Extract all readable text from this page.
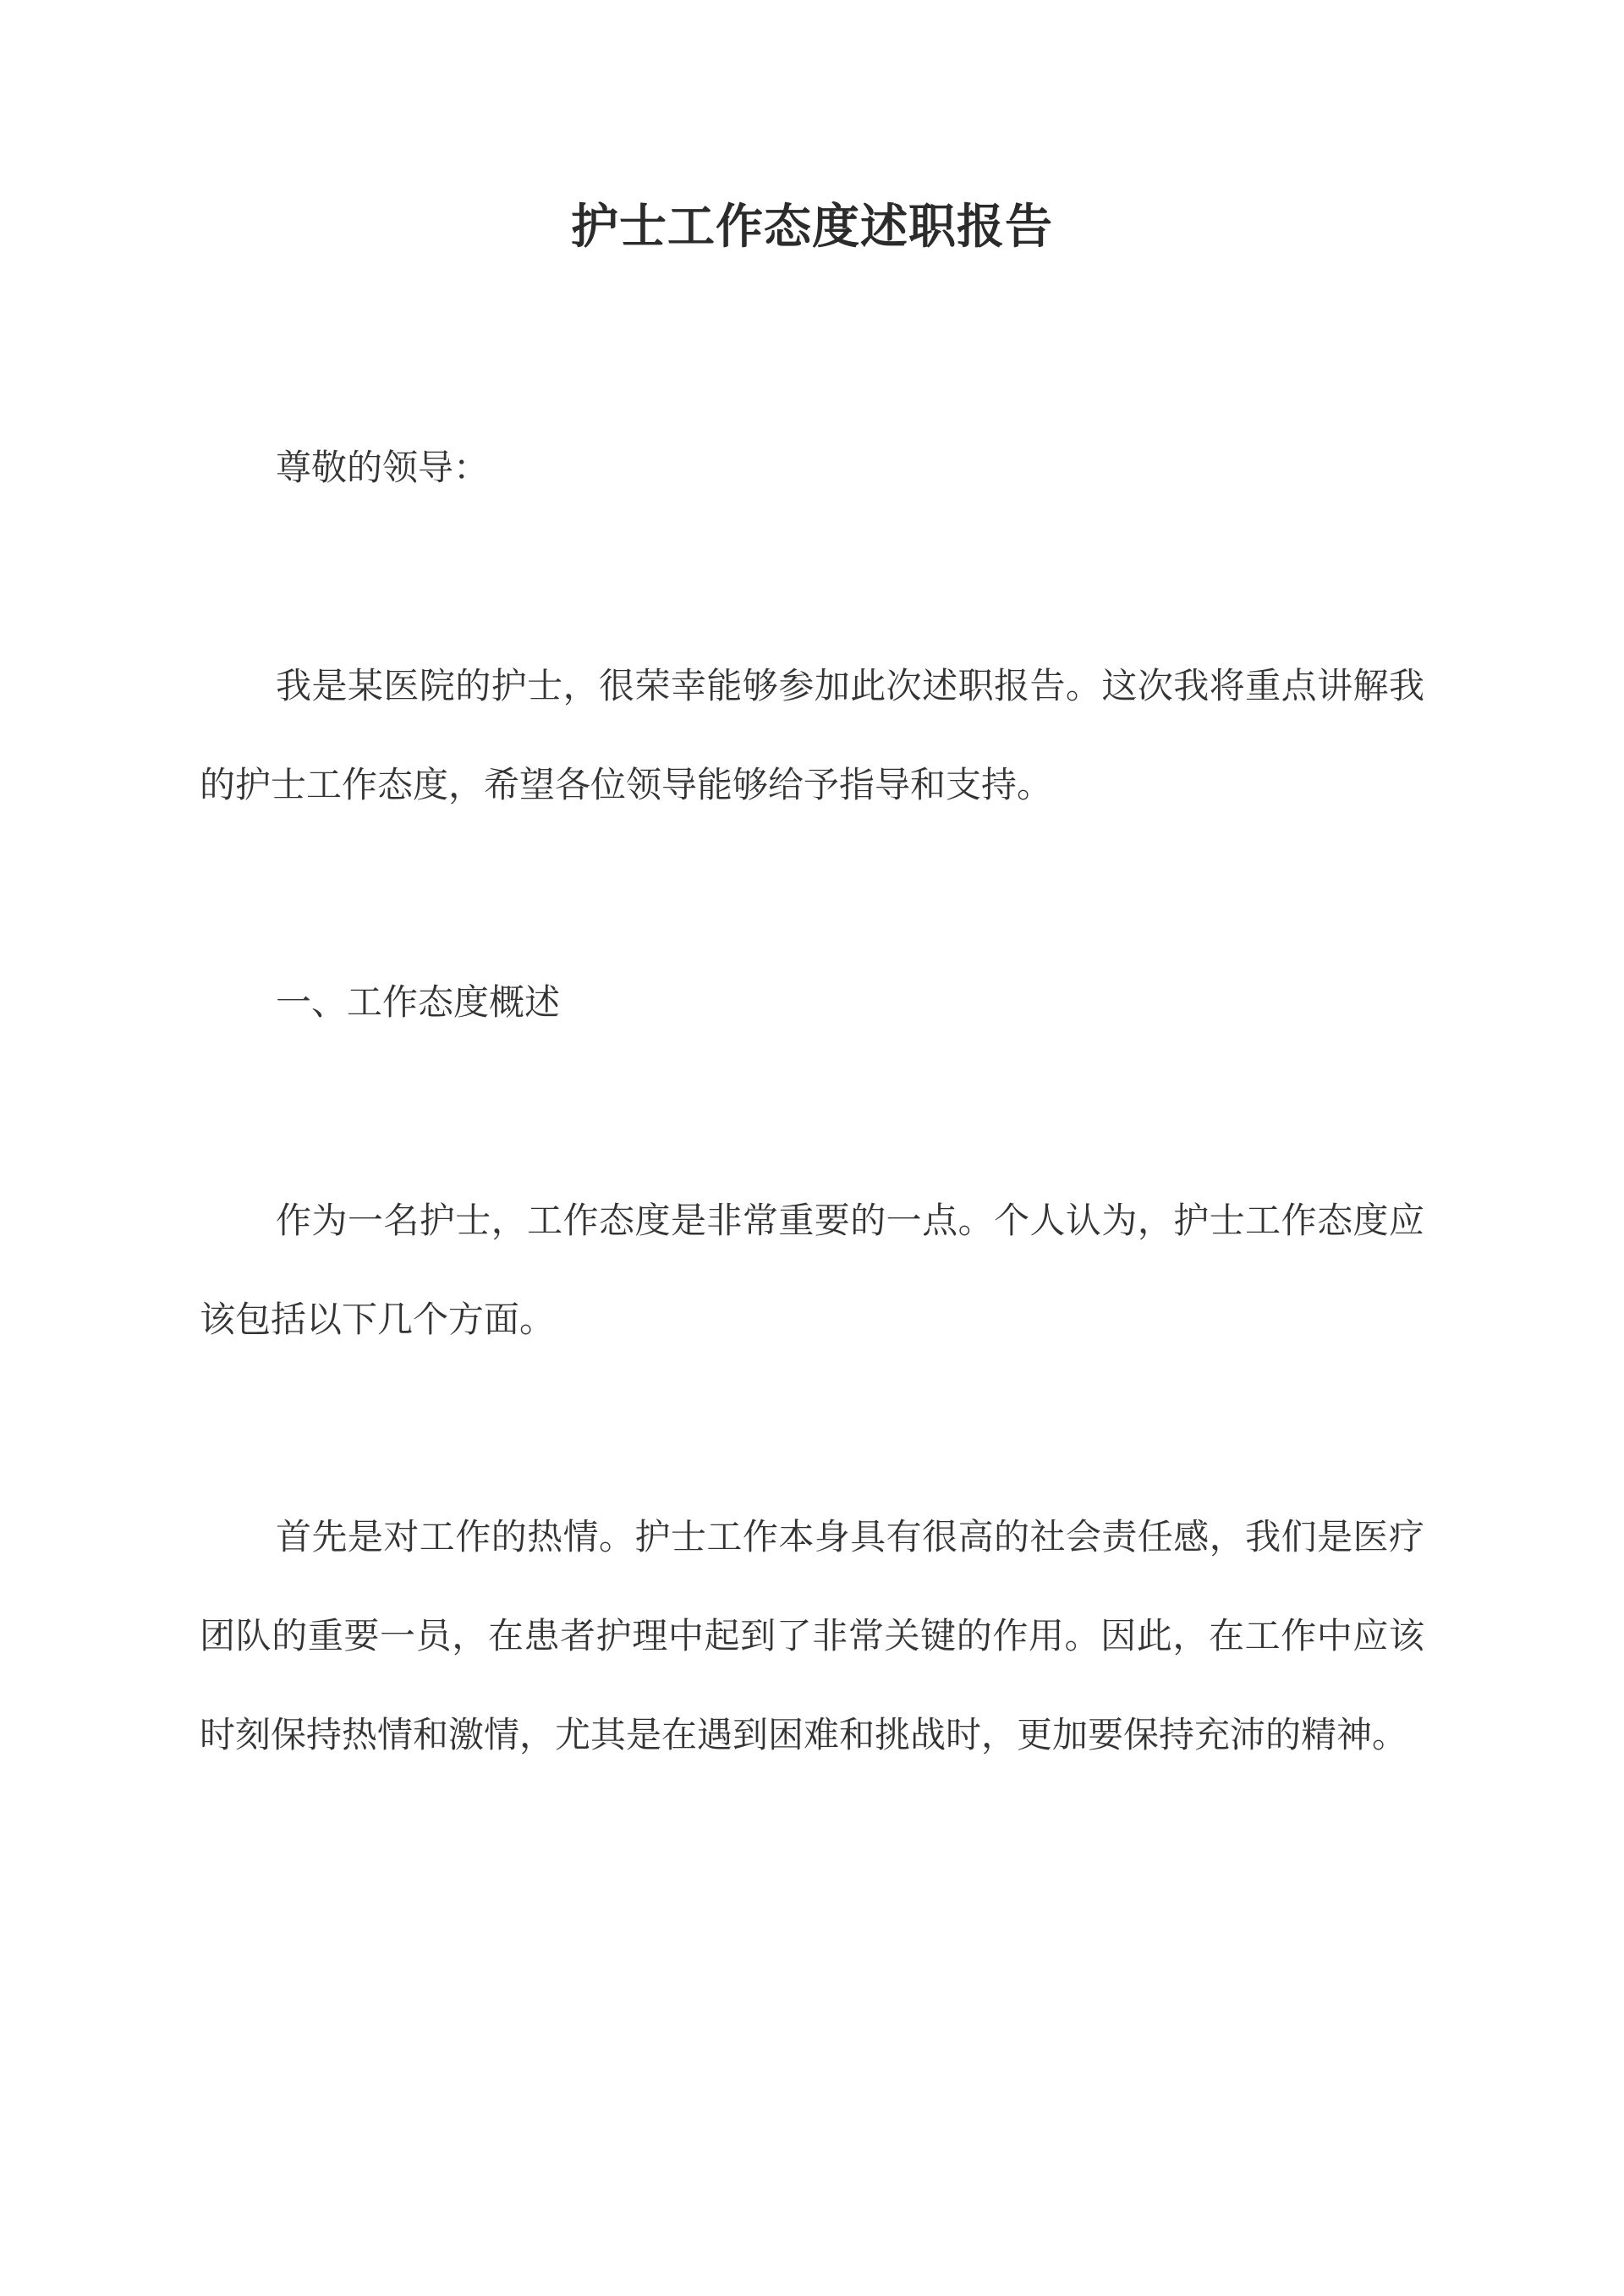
护士工作态度述职报告

尊敬的领导：

我是某医院的护士，很荣幸能够参加此次述职报告。这次我将重点讲解我的护士工作态度，希望各位领导能够给予指导和支持。

一、工作态度概述

作为一名护士，工作态度是非常重要的一点。个人认为，护士工作态度应该包括以下几个方面。

首先是对工作的热情。护士工作本身具有很高的社会责任感，我们是医疗团队的重要一员，在患者护理中起到了非常关键的作用。因此，在工作中应该时刻保持热情和激情，尤其是在遇到困难和挑战时，更加要保持充沛的精神。
